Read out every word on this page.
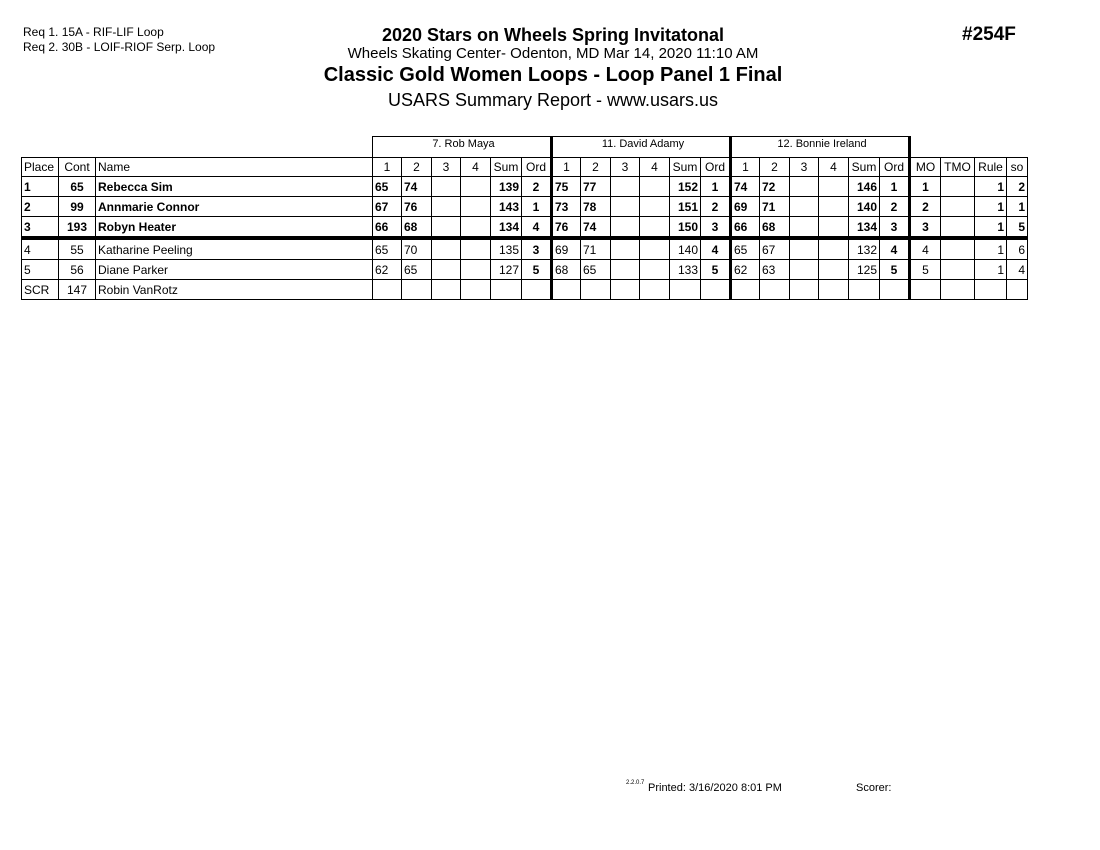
Req 1. 15A - RIF-LIF Loop
Req 2. 30B - LOIF-RIOF Serp. Loop
2020 Stars on Wheels Spring Invitatonal
Wheels Skating Center- Odenton, MD Mar 14, 2020 11:10 AM
Classic Gold Women Loops - Loop Panel 1 Final
USARS Summary Report - www.usars.us
#254F
			7. Rob Maya						11. David Adamy						12. Bonnie Ireland									
Place	Cont	Name	1	2	3	4	Sum	Ord	1	2	3	4	Sum	Ord	1	2	3	4	Sum	Ord	MO	TMO	Rule	so
1	65	Rebecca Sim	65	74			139	2	75	77			152	1	74	72			146	1	1		1	2
2	99	Annmarie Connor	67	76			143	1	73	78			151	2	69	71			140	2	2		1	1
3	193	Robyn Heater	66	68			134	4	76	74			150	3	66	68			134	3	3		1	5
4	55	Katharine Peeling	65	70			135	3	69	71			140	4	65	67			132	4	4		1	6
5	56	Diane Parker	62	65			127	5	68	65			133	5	62	63			125	5	5		1	4
SCR	147	Robin VanRotz																						
2.2.0.7 Printed: 3/16/2020 8:01 PM	Scorer:
